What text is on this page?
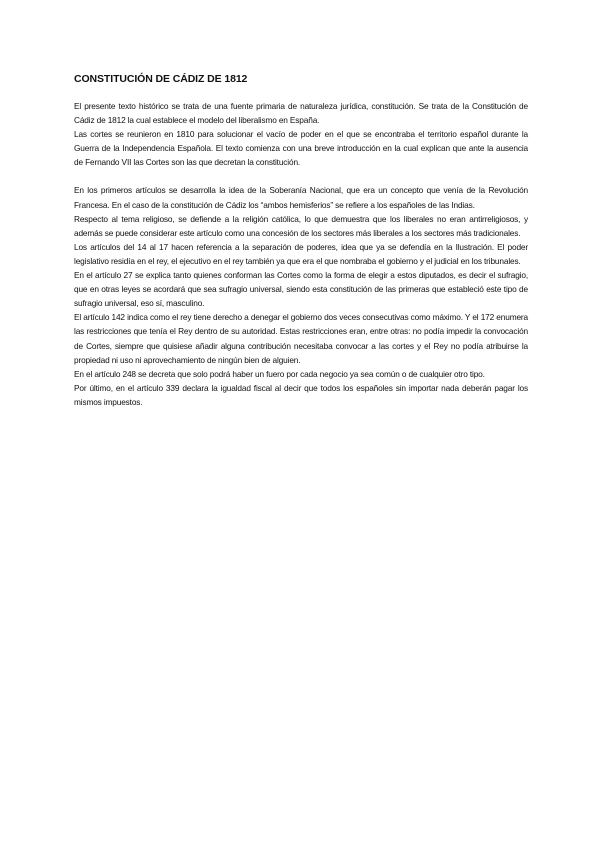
CONSTITUCIÓN DE CÁDIZ DE 1812

El presente texto histórico se trata de una fuente primaria de naturaleza jurídica, constitución. Se trata de la Constitución de Cádiz de 1812 la cual establece el modelo del liberalismo en España.

Las cortes se reunieron en 1810 para solucionar el vacío de poder en el que se encontraba el territorio español durante la Guerra de la Independencia Española. El texto comienza con una breve introducción en la cual explican que ante la ausencia de Fernando VII las Cortes son las que decretan la constitución.

En los primeros artículos se desarrolla la idea de la Soberanía Nacional, que era un concepto que venía de la Revolución Francesa. En el caso de la constitución de Cádiz los “ambos hemisferios” se refiere a los españoles de las Indias.

Respecto al tema religioso, se defiende a la religión católica, lo que demuestra que los liberales no eran antirreligiosos, y además se puede considerar este artículo como una concesión de los sectores más liberales a los sectores más tradicionales.

Los artículos del 14 al 17 hacen referencia a la separación de poderes, idea que ya se defendía en la Ilustración. El poder legislativo residía en el rey, el ejecutivo en el rey también ya que era el que nombraba el gobierno y el judicial en los tribunales.

En el artículo 27 se explica tanto quienes conforman las Cortes como la forma de elegir a estos diputados, es decir el sufragio, que en otras leyes se acordará que sea sufragio universal, siendo esta constitución de las primeras que estableció este tipo de sufragio universal, eso sí, masculino.

El artículo 142 indica como el rey tiene derecho a denegar el gobierno dos veces consecutivas como máximo. Y el 172 enumera las restricciones que tenía el Rey dentro de su autoridad. Estas restricciones eran, entre otras: no podía impedir la convocación de Cortes, siempre que quisiese añadir alguna contribución necesitaba convocar a las cortes y el Rey no podía atribuirse la propiedad ni uso ni aprovechamiento de ningún bien de alguien.

En el artículo 248 se decreta que solo podrá haber un fuero por cada negocio ya sea común o de cualquier otro tipo.

Por último, en el artículo 339 declara la igualdad fiscal al decir que todos los españoles sin importar nada deberán pagar los mismos impuestos.
